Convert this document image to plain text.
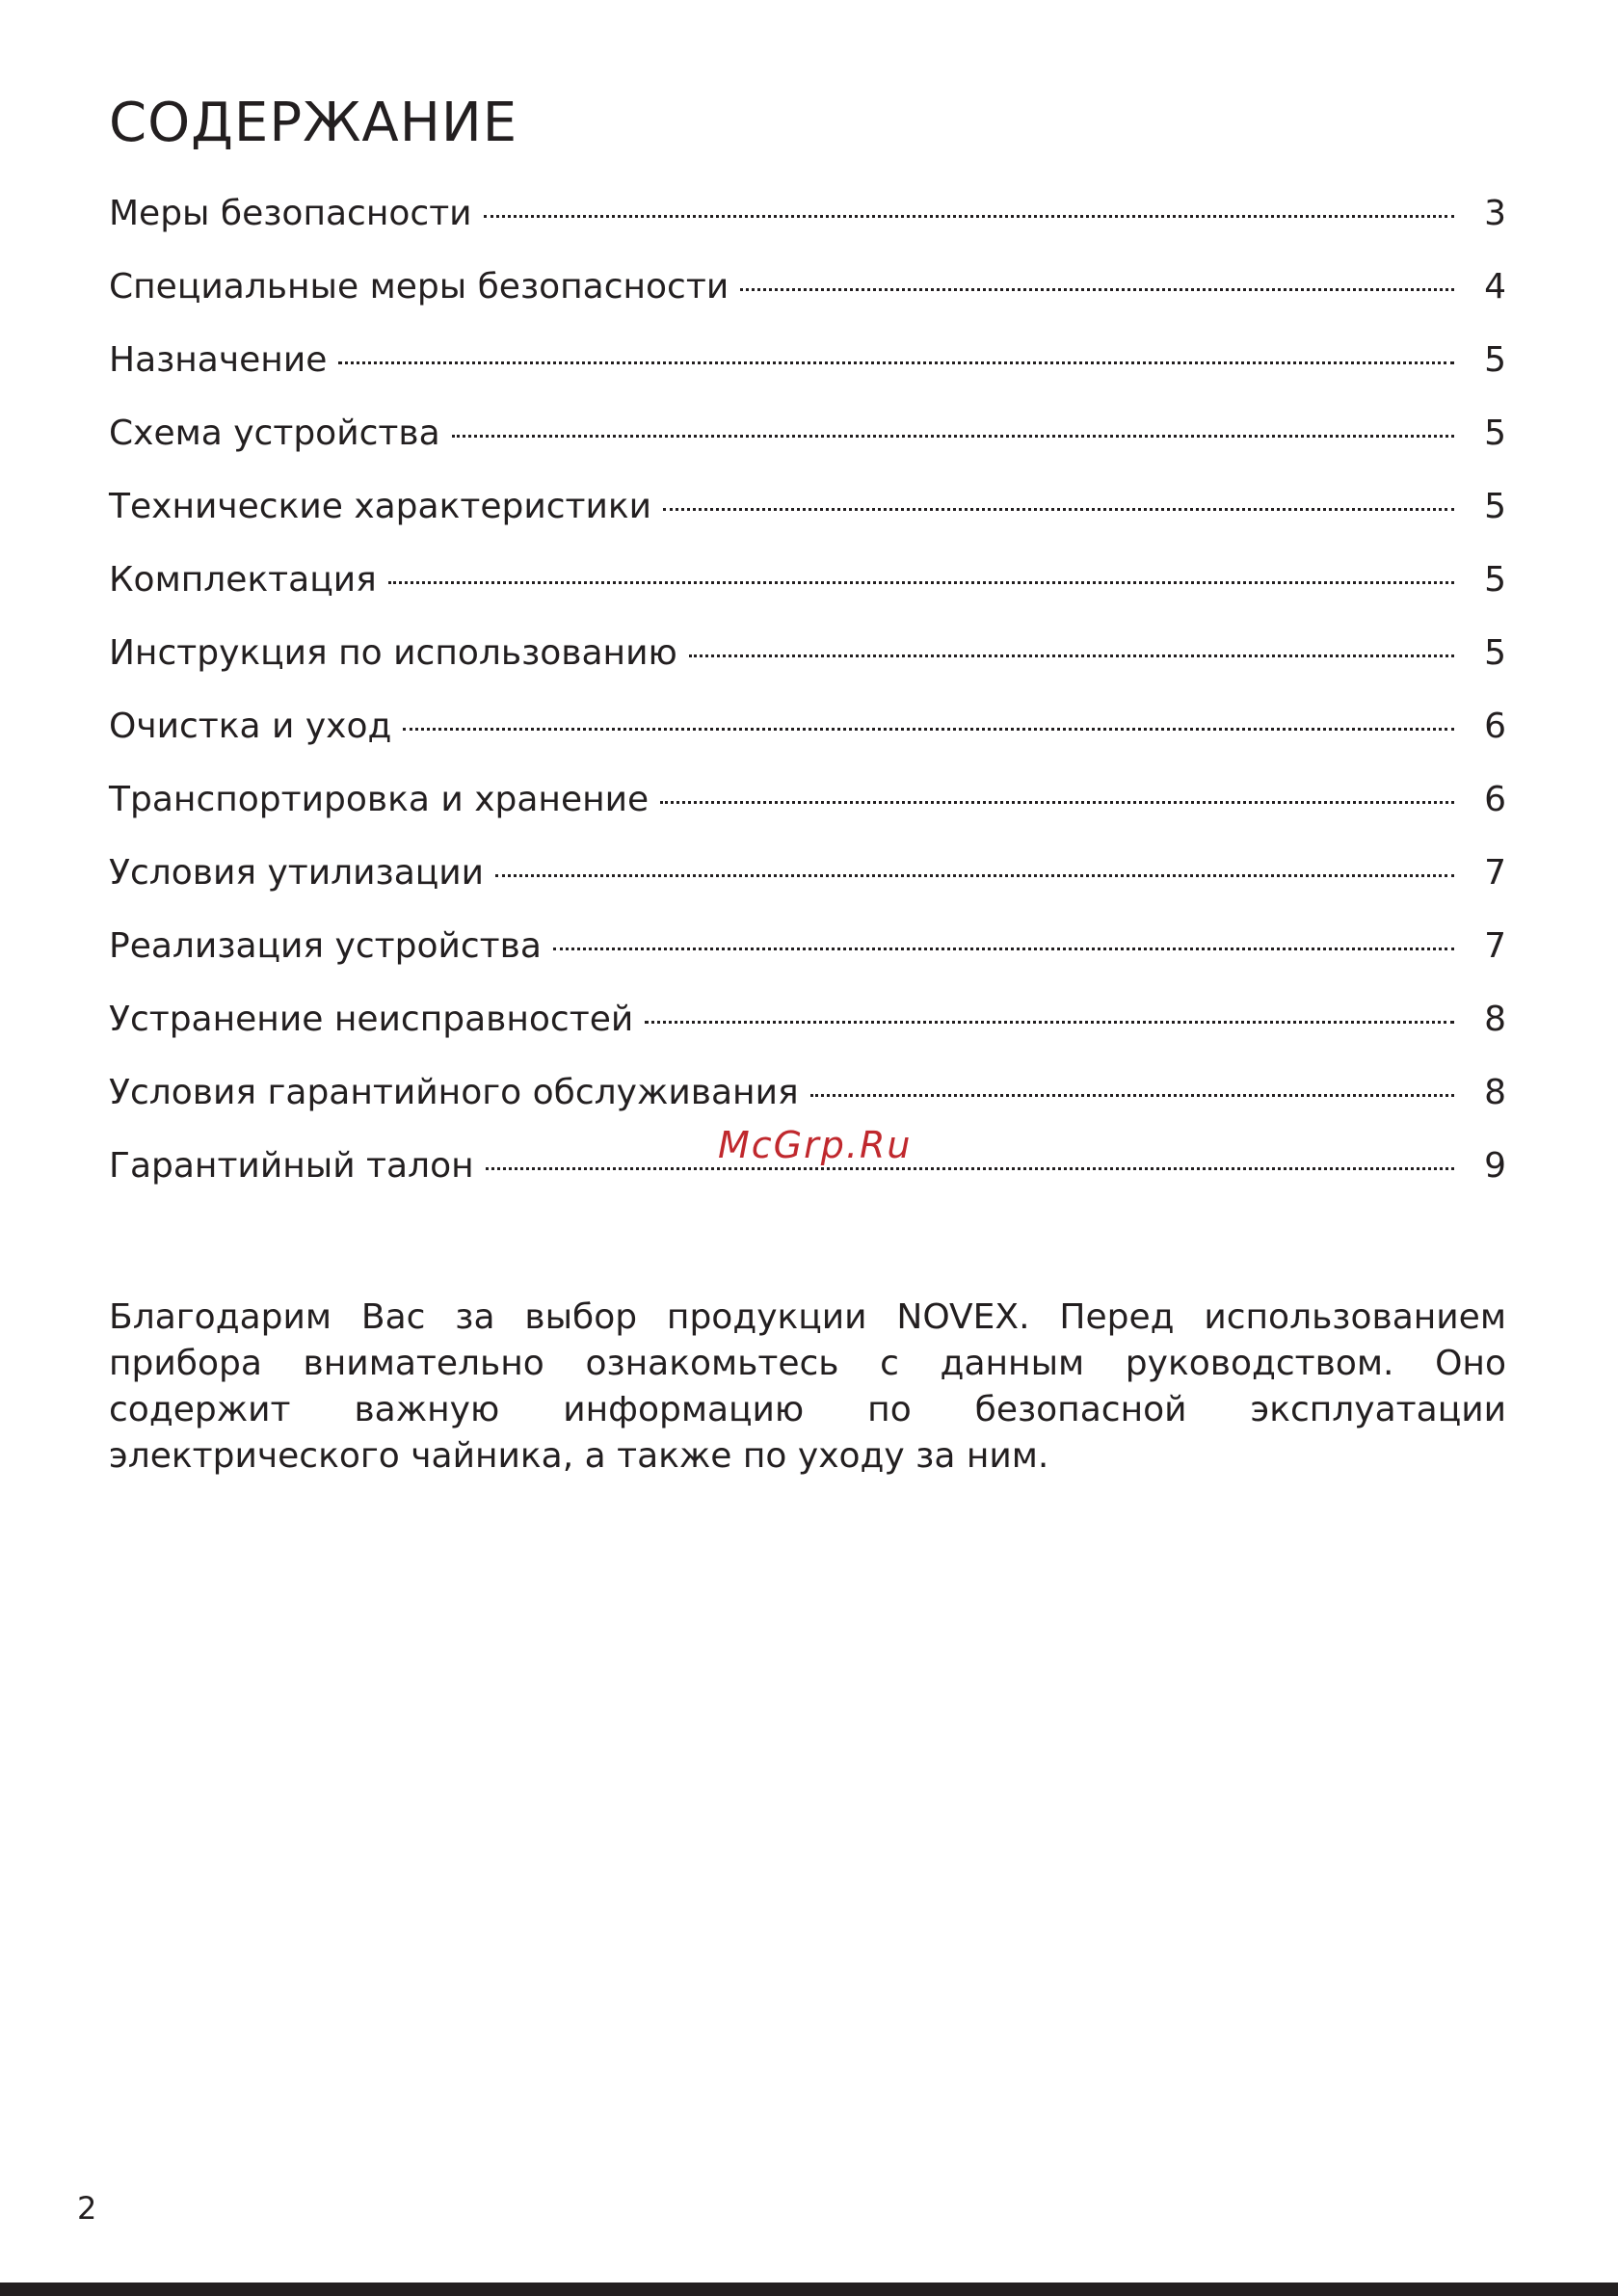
СОДЕРЖАНИЕ
Меры безопасности	3
Специальные меры безопасности	4
Назначение	5
Схема устройства	5
Технические характеристики	5
Комплектация	5
Инструкция по использованию	5
Очистка и уход	6
Транспортировка и хранение	6
Условия утилизации	7
Реализация устройства	7
Устранение неисправностей	8
Условия гарантийного обслуживания	8
Гарантийный талон	9
McGrp.Ru

Благодарим Вас за выбор продукции NOVEX. Перед использованием прибора внимательно ознакомьтесь с данным руководством. Оно содержит важную информацию по безопасной эксплуатации электрического чайника, а также по уходу за ним.

2
